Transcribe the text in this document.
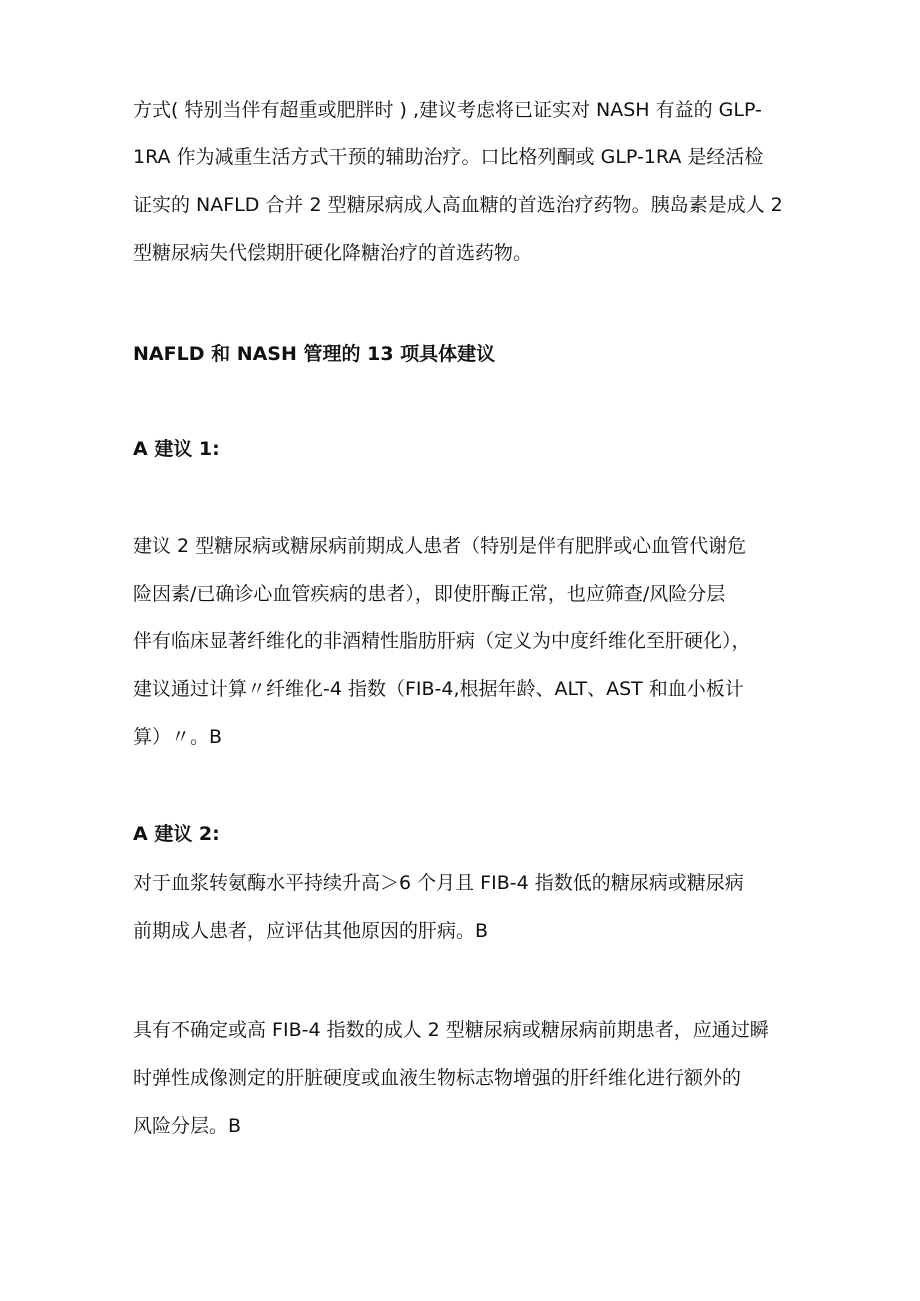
方式( 特别当伴有超重或肥胖时 ) ,建议考虑将已证实对 NASH 有益的 GLP-
1RA 作为减重生活方式干预的辅助治疗。口比格列酮或 GLP-1RA 是经活检
证实的 NAFLD 合并 2 型糖尿病成人高血糖的首选治疗药物。胰岛素是成人 2
型糖尿病失代偿期肝硬化降糖治疗的首选药物。
NAFLD 和 NASH 管理的 13 项具体建议
A 建议 1:
建议 2 型糖尿病或糖尿病前期成人患者（特别是伴有肥胖或心血管代谢危
险因素/已确诊心血管疾病的患者），即使肝酶正常，也应筛查/风险分层
伴有临床显著纤维化的非酒精性脂肪肝病（定义为中度纤维化至肝硬化），
建议通过计算〃纤维化-4 指数（FIB-4,根据年龄、ALT、AST 和血小板计
算）〃。B
A 建议 2:
对于血浆转氨酶水平持续升高＞6 个月且 FIB-4 指数低的糖尿病或糖尿病
前期成人患者，应评估其他原因的肝病。B
具有不确定或高 FIB-4 指数的成人 2 型糖尿病或糖尿病前期患者，应通过瞬
时弹性成像测定的肝脏硬度或血液生物标志物增强的肝纤维化进行额外的
风险分层。B
